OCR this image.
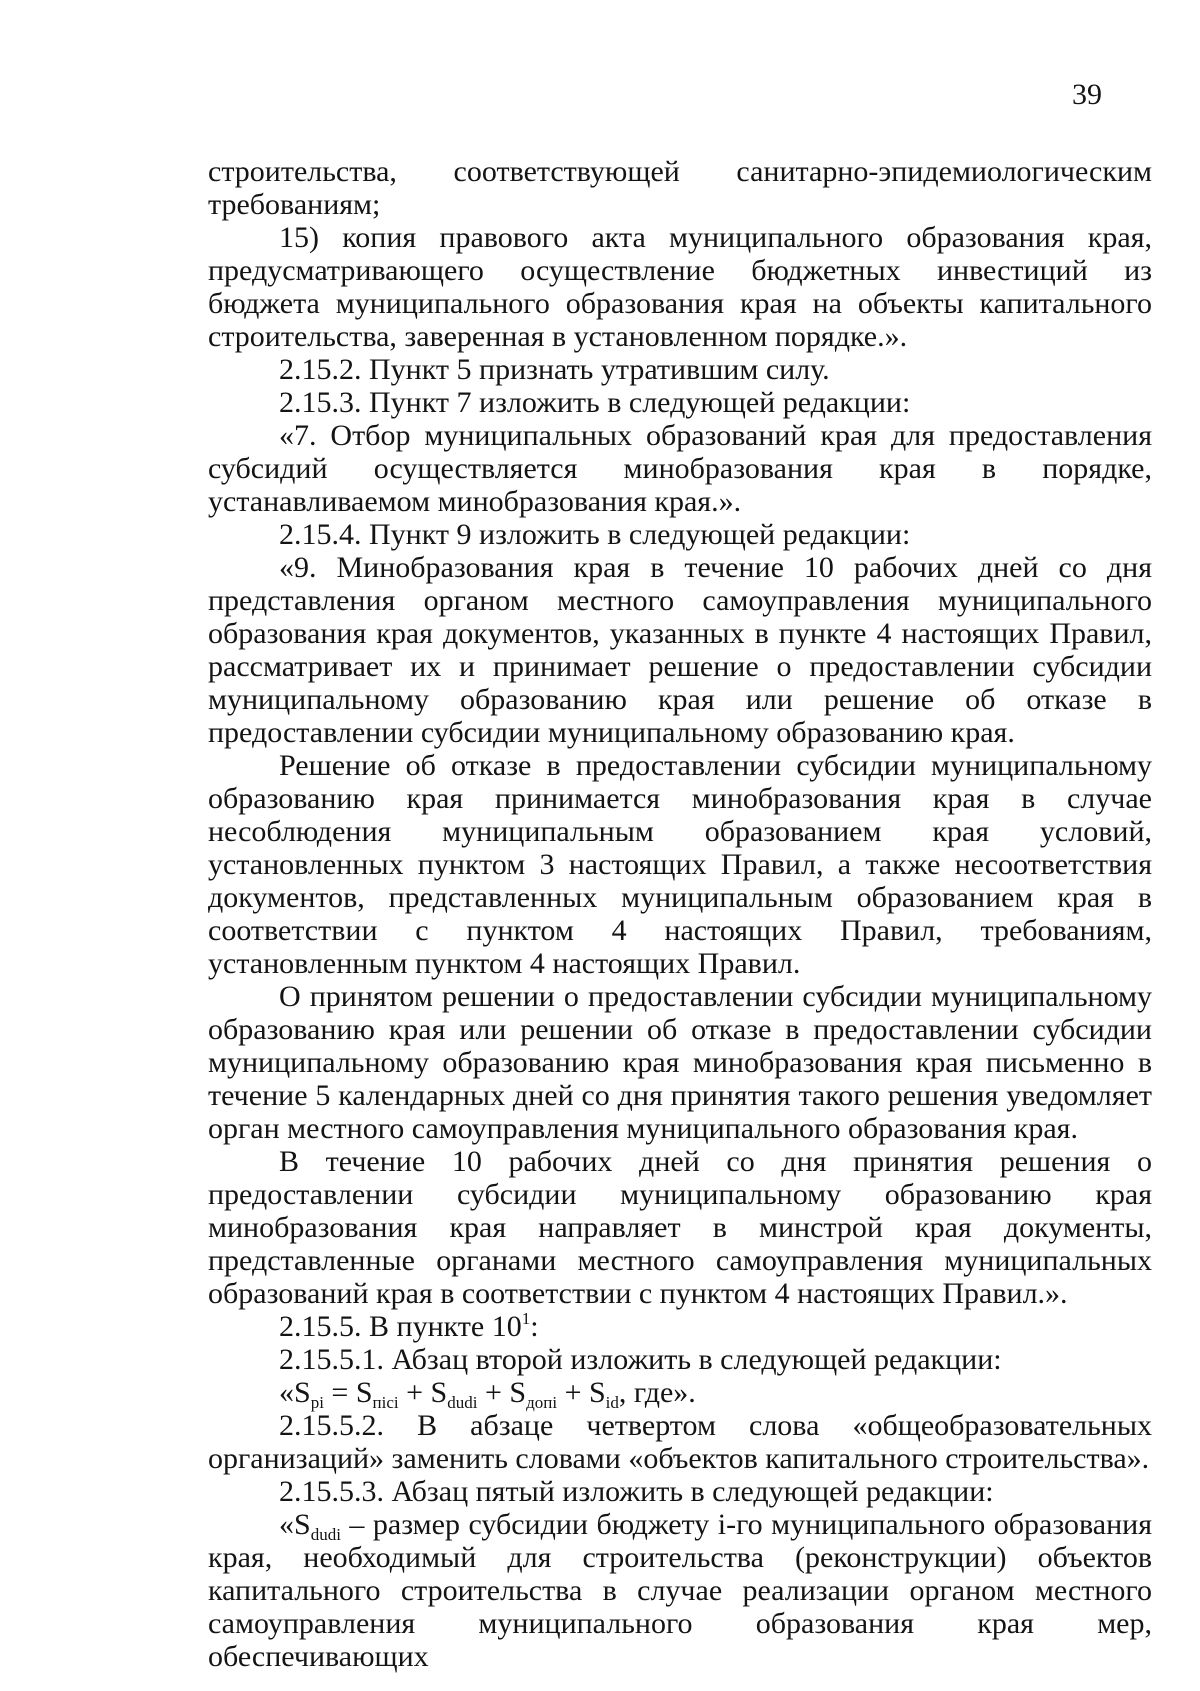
39

строительства, соответствующей санитарно-эпидемиологическим требованиям;

15) копия правового акта муниципального образования края, предусматривающего осуществление бюджетных инвестиций из бюджета муниципального образования края на объекты капитального строительства, заверенная в установленном порядке.».

2.15.2. Пункт 5 признать утратившим силу.

2.15.3. Пункт 7 изложить в следующей редакции:

«7. Отбор муниципальных образований края для предоставления субсидий осуществляется минобразования края в порядке, устанавливаемом минобразования края.».

2.15.4. Пункт 9 изложить в следующей редакции:

«9. Минобразования края в течение 10 рабочих дней со дня представления органом местного самоуправления муниципального образования края документов, указанных в пункте 4 настоящих Правил, рассматривает их и принимает решение о предоставлении субсидии муниципальному образованию края или решение об отказе в предоставлении субсидии муниципальному образованию края.

Решение об отказе в предоставлении субсидии муниципальному образованию края принимается минобразования края в случае несоблюдения муниципальным образованием края условий, установленных пунктом 3 настоящих Правил, а также несоответствия документов, представленных муниципальным образованием края в соответствии с пунктом 4 настоящих Правил, требованиям, установленным пунктом 4 настоящих Правил.

О принятом решении о предоставлении субсидии муниципальному образованию края или решении об отказе в предоставлении субсидии муниципальному образованию края минобразования края письменно в течение 5 календарных дней со дня принятия такого решения уведомляет орган местного самоуправления муниципального образования края.

В течение 10 рабочих дней со дня принятия решения о предоставлении субсидии муниципальному образованию края минобразования края направляет в минстрой края документы, представленные органами местного самоуправления муниципальных образований края в соответствии с пунктом 4 настоящих Правил.».

2.15.5. В пункте $10^1$:

2.15.5.1. Абзац второй изложить в следующей редакции:

«$S_{pi} = S_{пici} + S_{dudi} + S_{допi} + S_{id}$, где».

2.15.5.2. В абзаце четвертом слова «общеобразовательных организаций» заменить словами «объектов капитального строительства».

2.15.5.3. Абзац пятый изложить в следующей редакции:

«$S_{dudi}$ – размер субсидии бюджету i-го муниципального образования края, необходимый для строительства (реконструкции) объектов капитального строительства в случае реализации органом местного самоуправления муниципального образования края мер, обеспечивающих
